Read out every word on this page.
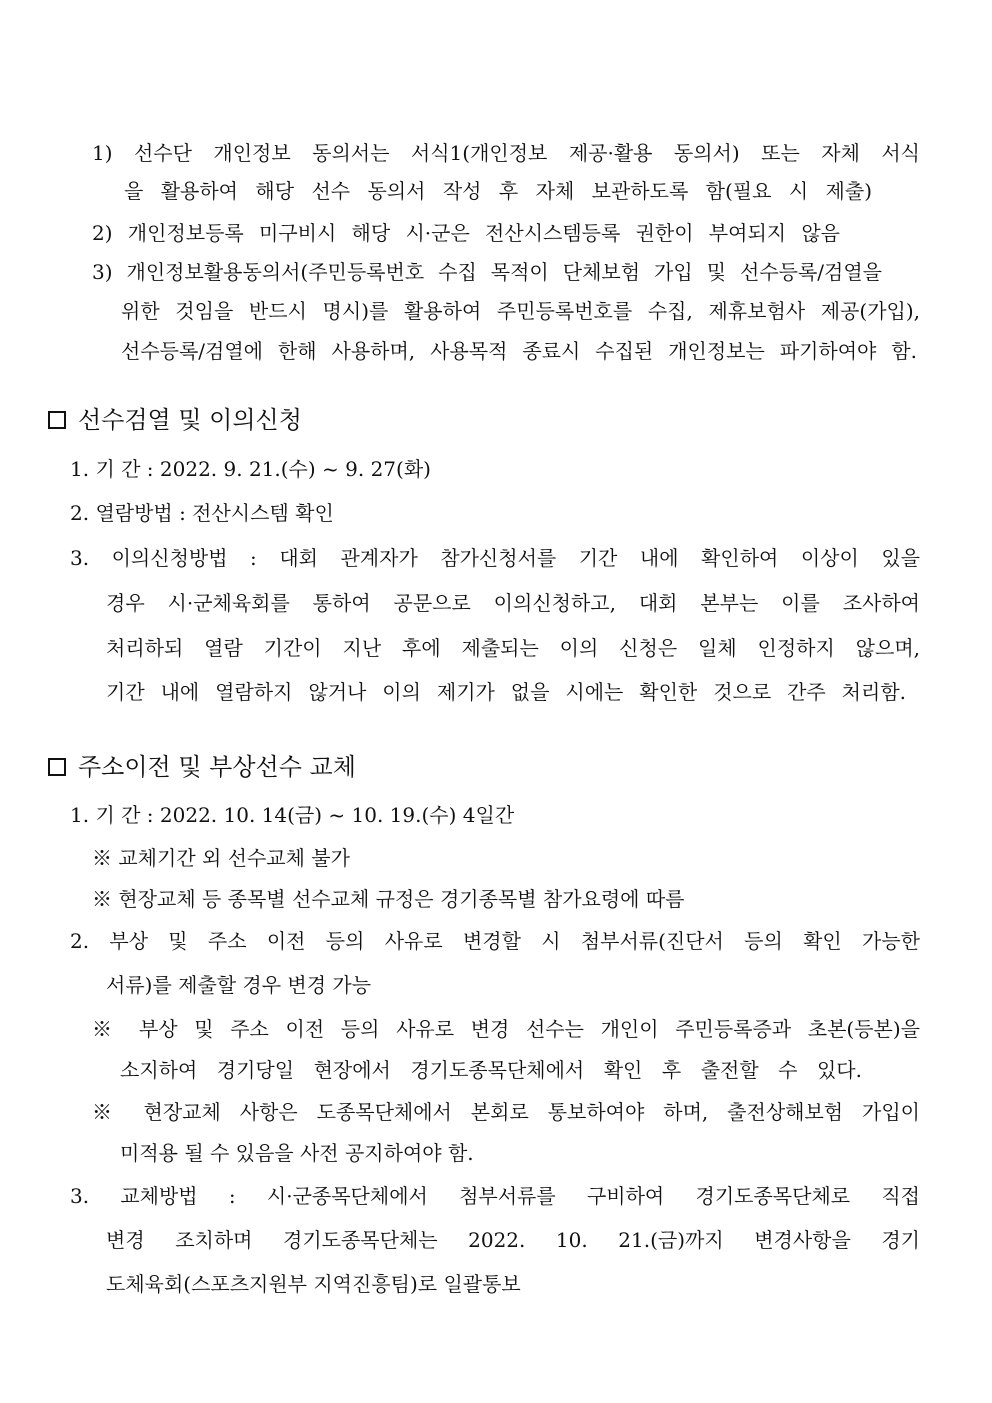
1) 선수단 개인정보 동의서는 서식1(개인정보 제공·활용 동의서) 또는 자체 서식
을 활용하여 해당 선수 동의서 작성 후 자체 보관하도록 함(필요 시 제출)
2) 개인정보등록 미구비시 해당 시·군은 전산시스템등록 권한이 부여되지 않음
3) 개인정보활용동의서(주민등록번호 수집 목적이 단체보험 가입 및 선수등록/검열을
위한 것임을 반드시 명시)를 활용하여 주민등록번호를 수집, 제휴보험사 제공(가입),
선수등록/검열에 한해 사용하며, 사용목적 종료시 수집된 개인정보는 파기하여야 함.
선수검열 및 이의신청
1. 기 간 : 2022. 9. 21.(수) ~ 9. 27(화)
2. 열람방법 : 전산시스템 확인
3. 이의신청방법 : 대회 관계자가 참가신청서를 기간 내에 확인하여 이상이 있을
경우 시·군체육회를 통하여 공문으로 이의신청하고, 대회 본부는 이를 조사하여
처리하되 열람 기간이 지난 후에 제출되는 이의 신청은 일체 인정하지 않으며,
기간 내에 열람하지 않거나 이의 제기가 없을 시에는 확인한 것으로 간주 처리함.
주소이전 및 부상선수 교체
1. 기 간 : 2022. 10. 14(금) ~ 10. 19.(수) 4일간
※ 교체기간 외 선수교체 불가
※ 현장교체 등 종목별 선수교체 규정은 경기종목별 참가요령에 따름
2. 부상 및 주소 이전 등의 사유로 변경할 시 첨부서류(진단서 등의 확인 가능한
서류)를 제출할 경우 변경 가능
※ 부상 및 주소 이전 등의 사유로 변경 선수는 개인이 주민등록증과 초본(등본)을
소지하여 경기당일 현장에서 경기도종목단체에서 확인 후 출전할 수 있다.
※ 현장교체 사항은 도종목단체에서 본회로 통보하여야 하며, 출전상해보험 가입이
미적용 될 수 있음을 사전 공지하여야 함.
3. 교체방법 : 시·군종목단체에서 첨부서류를 구비하여 경기도종목단체로 직접
변경 조치하며 경기도종목단체는 2022. 10. 21.(금)까지 변경사항을 경기
도체육회(스포츠지원부 지역진흥팀)로 일괄통보
